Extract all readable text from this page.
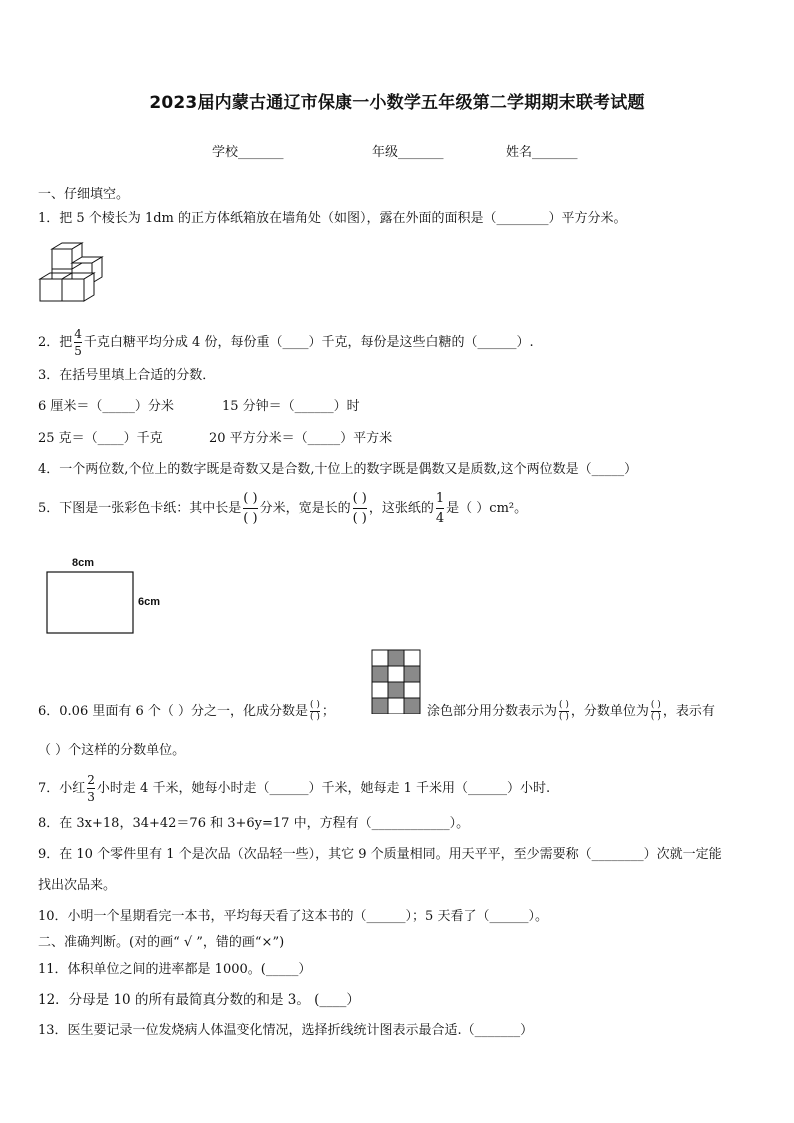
2023届内蒙古通辽市保康一小数学五年级第二学期期末联考试题
学校_______	年级_______	姓名_______
一、仔细填空。
1．把 5 个棱长为 1dm 的正方体纸箱放在墙角处（如图），露在外面的面积是（________）平方分米。
2．把 $\frac{4}{5}$ 千克白糖平均分成 4 份，每份重（____）千克，每份是这些白糖的（______）.
3．在括号里填上合适的分数．
6 厘米＝（_____）分米	15 分钟＝（______）时
25 克＝（____）千克	20 平方分米＝（_____）平方米
4．一个两位数,个位上的数字既是奇数又是合数,十位上的数字既是偶数又是质数,这个两位数是（_____）
5．下图是一张彩色卡纸：其中长是 $\frac{( )}{( )}$ 分米，宽是长的 $\frac{( )}{( )}$ ，这张纸的 $\frac{1}{4}$ 是（ ）cm²。
8cm
6cm
6．0.06 里面有 6 个（ ）分之一，化成分数是 $\frac{( )}{( )}$ ；	涂色部分用分数表示为 $\frac{( )}{( )}$ ，分数单位为 $\frac{( )}{( )}$ ，表示有
（ ）个这样的分数单位。
7．小红 $\frac{2}{3}$ 小时走 4 千米，她每小时走（______）千米，她每走 1 千米用（______）小时.
8．在 3x+18，34+42＝76 和 3+6y=17 中，方程有（____________）。
9．在 10 个零件里有 1 个是次品（次品轻一些），其它 9 个质量相同。用天平平，至少需要称（________）次就一定能
找出次品来。
10．小明一个星期看完一本书，平均每天看了这本书的（______）；5 天看了（______）。
二、准确判断。(对的画“ √ ”，错的画“×”)
11．体积单位之间的进率都是 1000。(_____）
12．分母是 10 的所有最简真分数的和是 3。 (____）
13．医生要记录一位发烧病人体温变化情况，选择折线统计图表示最合适.（_______）
